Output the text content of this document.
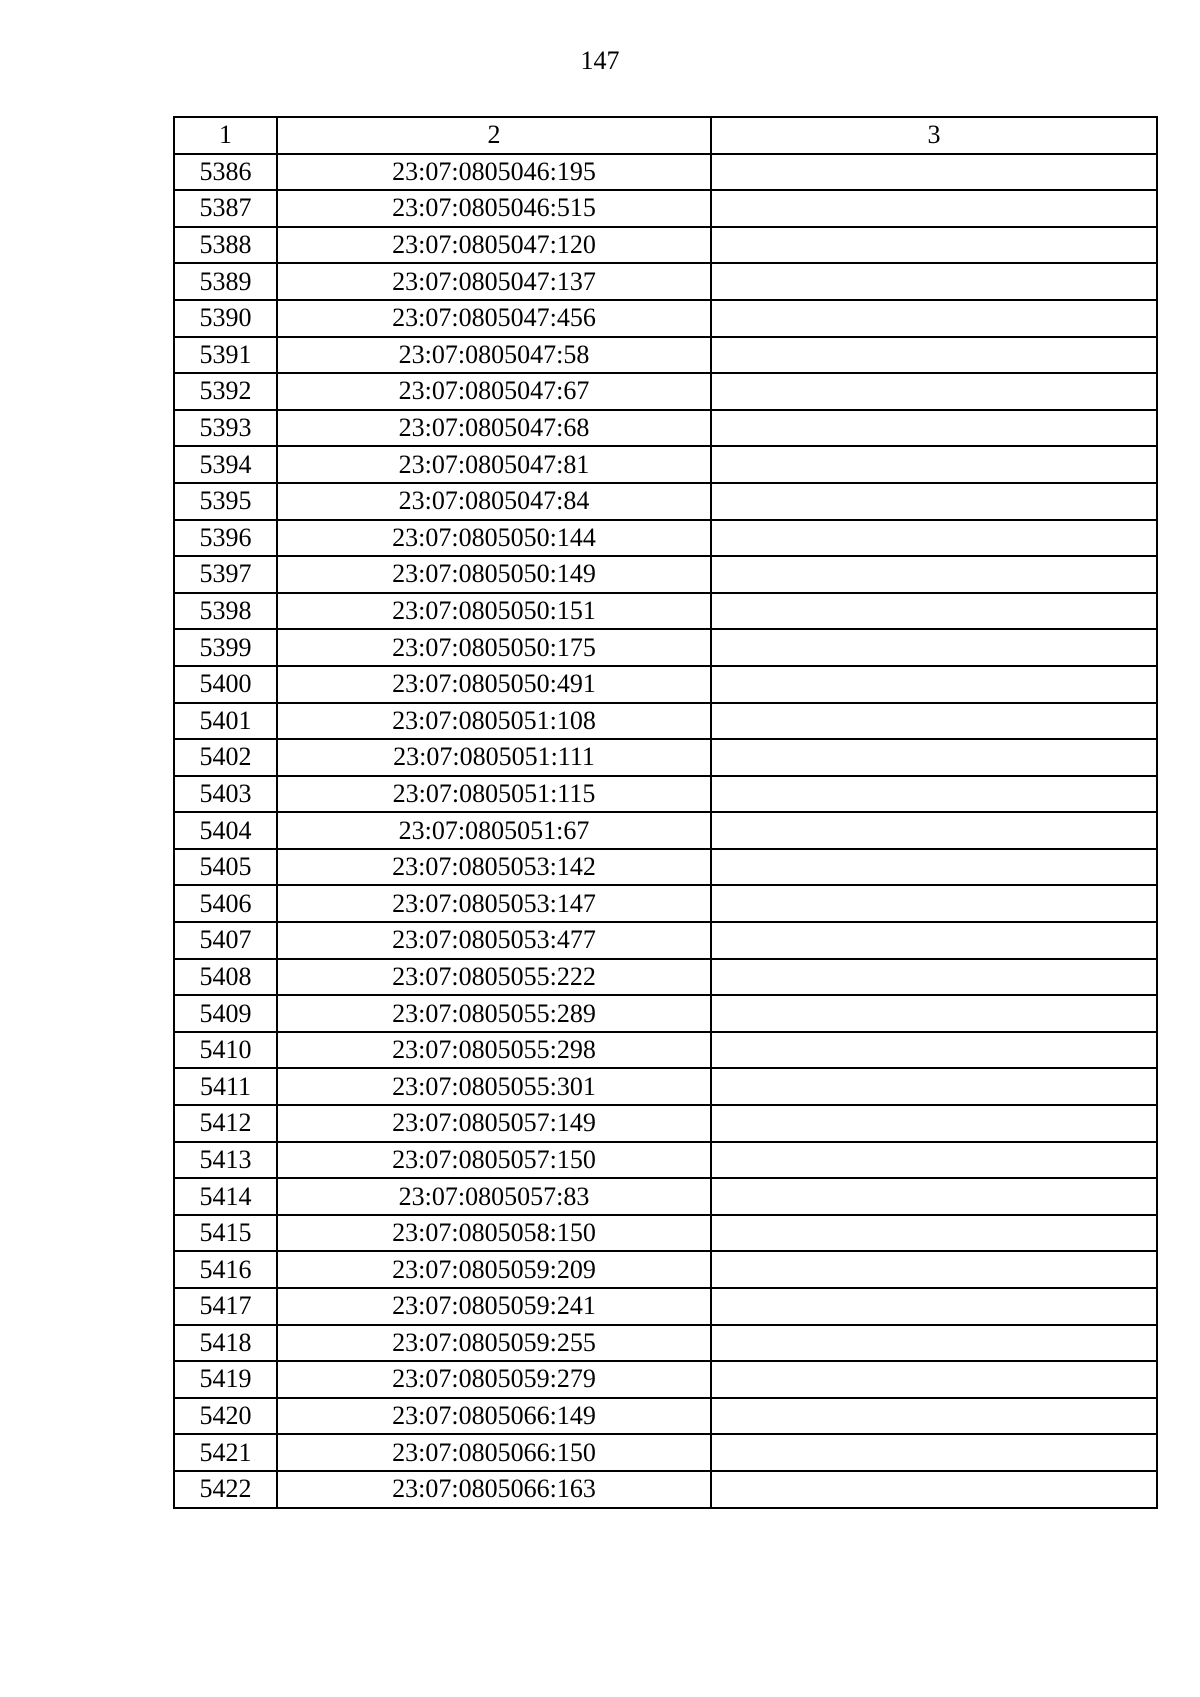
147
1	2	3
5386	23:07:0805046:195	
5387	23:07:0805046:515	
5388	23:07:0805047:120	
5389	23:07:0805047:137	
5390	23:07:0805047:456	
5391	23:07:0805047:58	
5392	23:07:0805047:67	
5393	23:07:0805047:68	
5394	23:07:0805047:81	
5395	23:07:0805047:84	
5396	23:07:0805050:144	
5397	23:07:0805050:149	
5398	23:07:0805050:151	
5399	23:07:0805050:175	
5400	23:07:0805050:491	
5401	23:07:0805051:108	
5402	23:07:0805051:111	
5403	23:07:0805051:115	
5404	23:07:0805051:67	
5405	23:07:0805053:142	
5406	23:07:0805053:147	
5407	23:07:0805053:477	
5408	23:07:0805055:222	
5409	23:07:0805055:289	
5410	23:07:0805055:298	
5411	23:07:0805055:301	
5412	23:07:0805057:149	
5413	23:07:0805057:150	
5414	23:07:0805057:83	
5415	23:07:0805058:150	
5416	23:07:0805059:209	
5417	23:07:0805059:241	
5418	23:07:0805059:255	
5419	23:07:0805059:279	
5420	23:07:0805066:149	
5421	23:07:0805066:150	
5422	23:07:0805066:163	
